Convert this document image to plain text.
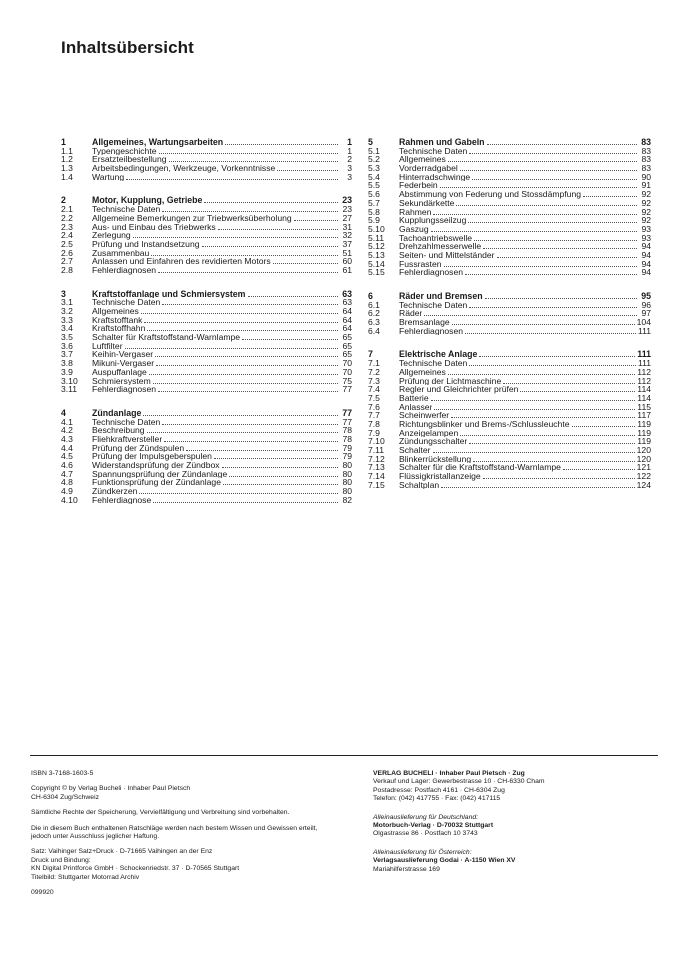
Inhaltsübersicht
1	Allgemeines, Wartungsarbeiten	1
1.1	Typengeschichte	1
1.2	Ersatzteilbestellung	2
1.3	Arbeitsbedingungen, Werkzeuge, Vorkenntnisse	3
1.4	Wartung	3
2	Motor, Kupplung, Getriebe	23
2.1	Technische Daten	23
2.2	Allgemeine Bemerkungen zur Triebwerksüberholung	27
2.3	Aus- und Einbau des Triebwerks	31
2.4	Zerlegung	32
2.5	Prüfung und Instandsetzung	37
2.6	Zusammenbau	51
2.7	Anlassen und Einfahren des revidierten Motors	60
2.8	Fehlerdiagnosen	61
3	Kraftstoffanlage und Schmiersystem	63
3.1	Technische Daten	63
3.2	Allgemeines	64
3.3	Kraftstofftank	64
3.4	Kraftstoffhahn	64
3.5	Schalter für Kraftstoffstand-Warnlampe	65
3.6	Luftfilter	65
3.7	Keihin-Vergaser	65
3.8	Mikuni-Vergaser	70
3.9	Auspuffanlage	70
3.10	Schmiersystem	75
3.11	Fehlerdiagnosen	77
4	Zündanlage	77
4.1	Technische Daten	77
4.2	Beschreibung	78
4.3	Fliehkraftversteller	78
4.4	Prüfung der Zündspulen	79
4.5	Prüfung der Impulsgeberspulen	79
4.6	Widerstandsprüfung der Zündbox	80
4.7	Spannungsprüfung der Zündanlage	80
4.8	Funktionsprüfung der Zündanlage	80
4.9	Zündkerzen	80
4.10	Fehlerdiagnose	82
5	Rahmen und Gabeln	83
5.1	Technische Daten	83
5.2	Allgemeines	83
5.3	Vorderradgabel	83
5.4	Hinterradschwinge	90
5.5	Federbein	91
5.6	Abstimmung von Federung und Stossdämpfung	92
5.7	Sekundärkette	92
5.8	Rahmen	92
5.9	Kupplungsseilzug	92
5.10	Gaszug	93
5.11	Tachoantriebswelle	93
5.12	Drehzahlmesserwelle	94
5.13	Seiten- und Mittelständer	94
5.14	Fussrasten	94
5.15	Fehlerdiagnosen	94
6	Räder und Bremsen	95
6.1	Technische Daten	96
6.2	Räder	97
6.3	Bremsanlage	104
6.4	Fehlerdiagnosen	111
7	Elektrische Anlage	111
7.1	Technische Daten	111
7.2	Allgemeines	112
7.3	Prüfung der Lichtmaschine	112
7.4	Regler und Gleichrichter prüfen	114
7.5	Batterie	114
7.6	Anlasser	115
7.7	Scheinwerfer	117
7.8	Richtungsblinker und Brems-/Schlussleuchte	119
7.9	Anzeigelampen	119
7.10	Zündungsschalter	119
7.11	Schalter	120
7.12	Blinkerrückstellung	120
7.13	Schalter für die Kraftstoffstand-Warnlampe	121
7.14	Flüssigkristallanzeige	122
7.15	Schaltplan	124

ISBN 3-7168-1603-5

Copyright © by Verlag Bucheli · Inhaber Paul Pietsch
CH-6304 Zug/Schweiz

Sämtliche Rechte der Speicherung, Vervielfältigung und Verbreitung sind vorbehalten.

Die in diesem Buch enthaltenen Ratschläge werden nach bestem Wissen und Gewissen erteilt,
jedoch unter Ausschluss jeglicher Haftung.

Satz: Vaihinger Satz+Druck · D-71665 Vaihingen an der Enz
Druck und Bindung:
KN Digital Printforce GmbH · Schockenriedstr. 37 · D-70565 Stuttgart
Titelbild: Stuttgarter Motorrad Archiv

099920

VERLAG BUCHELI · Inhaber Paul Pietsch · Zug
Verkauf und Lager: Gewerbestrasse 10 · CH-6330 Cham
Postadresse: Postfach 4161 · CH-6304 Zug
Telefon: (042) 417755 · Fax: (042) 417115

Alleinauslieferung für Deutschland:
Motorbuch-Verlag · D-70032 Stuttgart
Olgastrasse 86 · Postfach 10 3743

Alleinauslieferung für Österreich:
Verlagsauslieferung Godai · A-1150 Wien XV
Mariahilferstrasse 169
